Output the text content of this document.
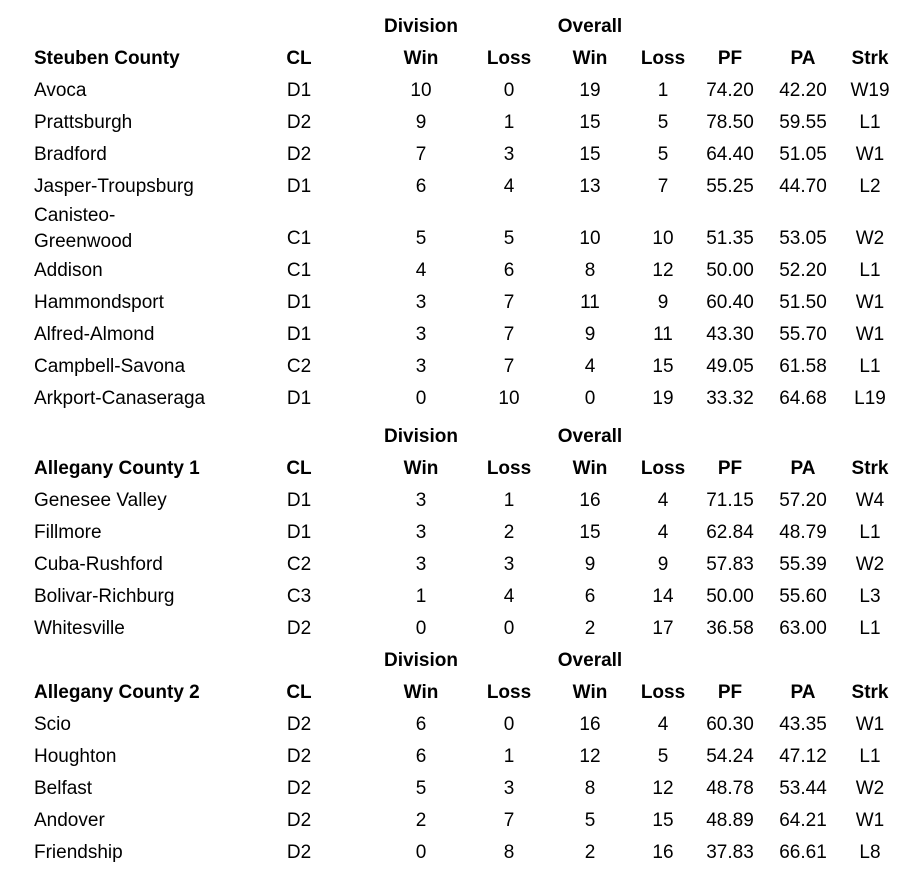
Division	Overall
Steuben County	CL	Win	Loss Win Loss PF	PA Strk
Avoca	D1	10	0	19	1 74.20 42.20 W19
Prattsburgh	D2	9	1	15	5 78.50 59.55 L1
Bradford	D2	7	3	15	5 64.40 51.05 W1
Jasper-Troupsburg	D1	6	4	13	7 55.25 44.70 L2
Canisteo-
Greenwood	C1	5	5	10	10 51.35 53.05 W2
Addison	C1	4	6	8	12 50.00 52.20 L1
Hammondsport	D1	3	7	11	9 60.40 51.50 W1
Alfred-Almond	D1	3	7	9	11 43.30 55.70 W1
Campbell-Savona	C2	3	7	4	15 49.05 61.58 L1
Arkport-Canaseraga	D1	0	10	0	19 33.32 64.68 L19
Division	Overall
Allegany County 1	CL	Win	Loss Win Loss PF	PA Strk
Genesee Valley	D1	3	1	16	4 71.15 57.20 W4
Fillmore	D1	3	2	15	4 62.84 48.79 L1
Cuba-Rushford	C2	3	3	9	9 57.83 55.39 W2
Bolivar-Richburg	C3	1	4	6	14 50.00 55.60 L3
Whitesville	D2	0	0	2	17 36.58 63.00 L1
Division	Overall
Allegany County 2	CL	Win	Loss Win Loss PF	PA Strk
Scio	D2	6	0	16	4 60.30 43.35 W1
Houghton	D2	6	1	12	5 54.24 47.12 L1
Belfast	D2	5	3	8	12 48.78 53.44 W2
Andover	D2	2	7	5	15 48.89 64.21 W1
Friendship	D2	0	8	2	16 37.83 66.61 L8
